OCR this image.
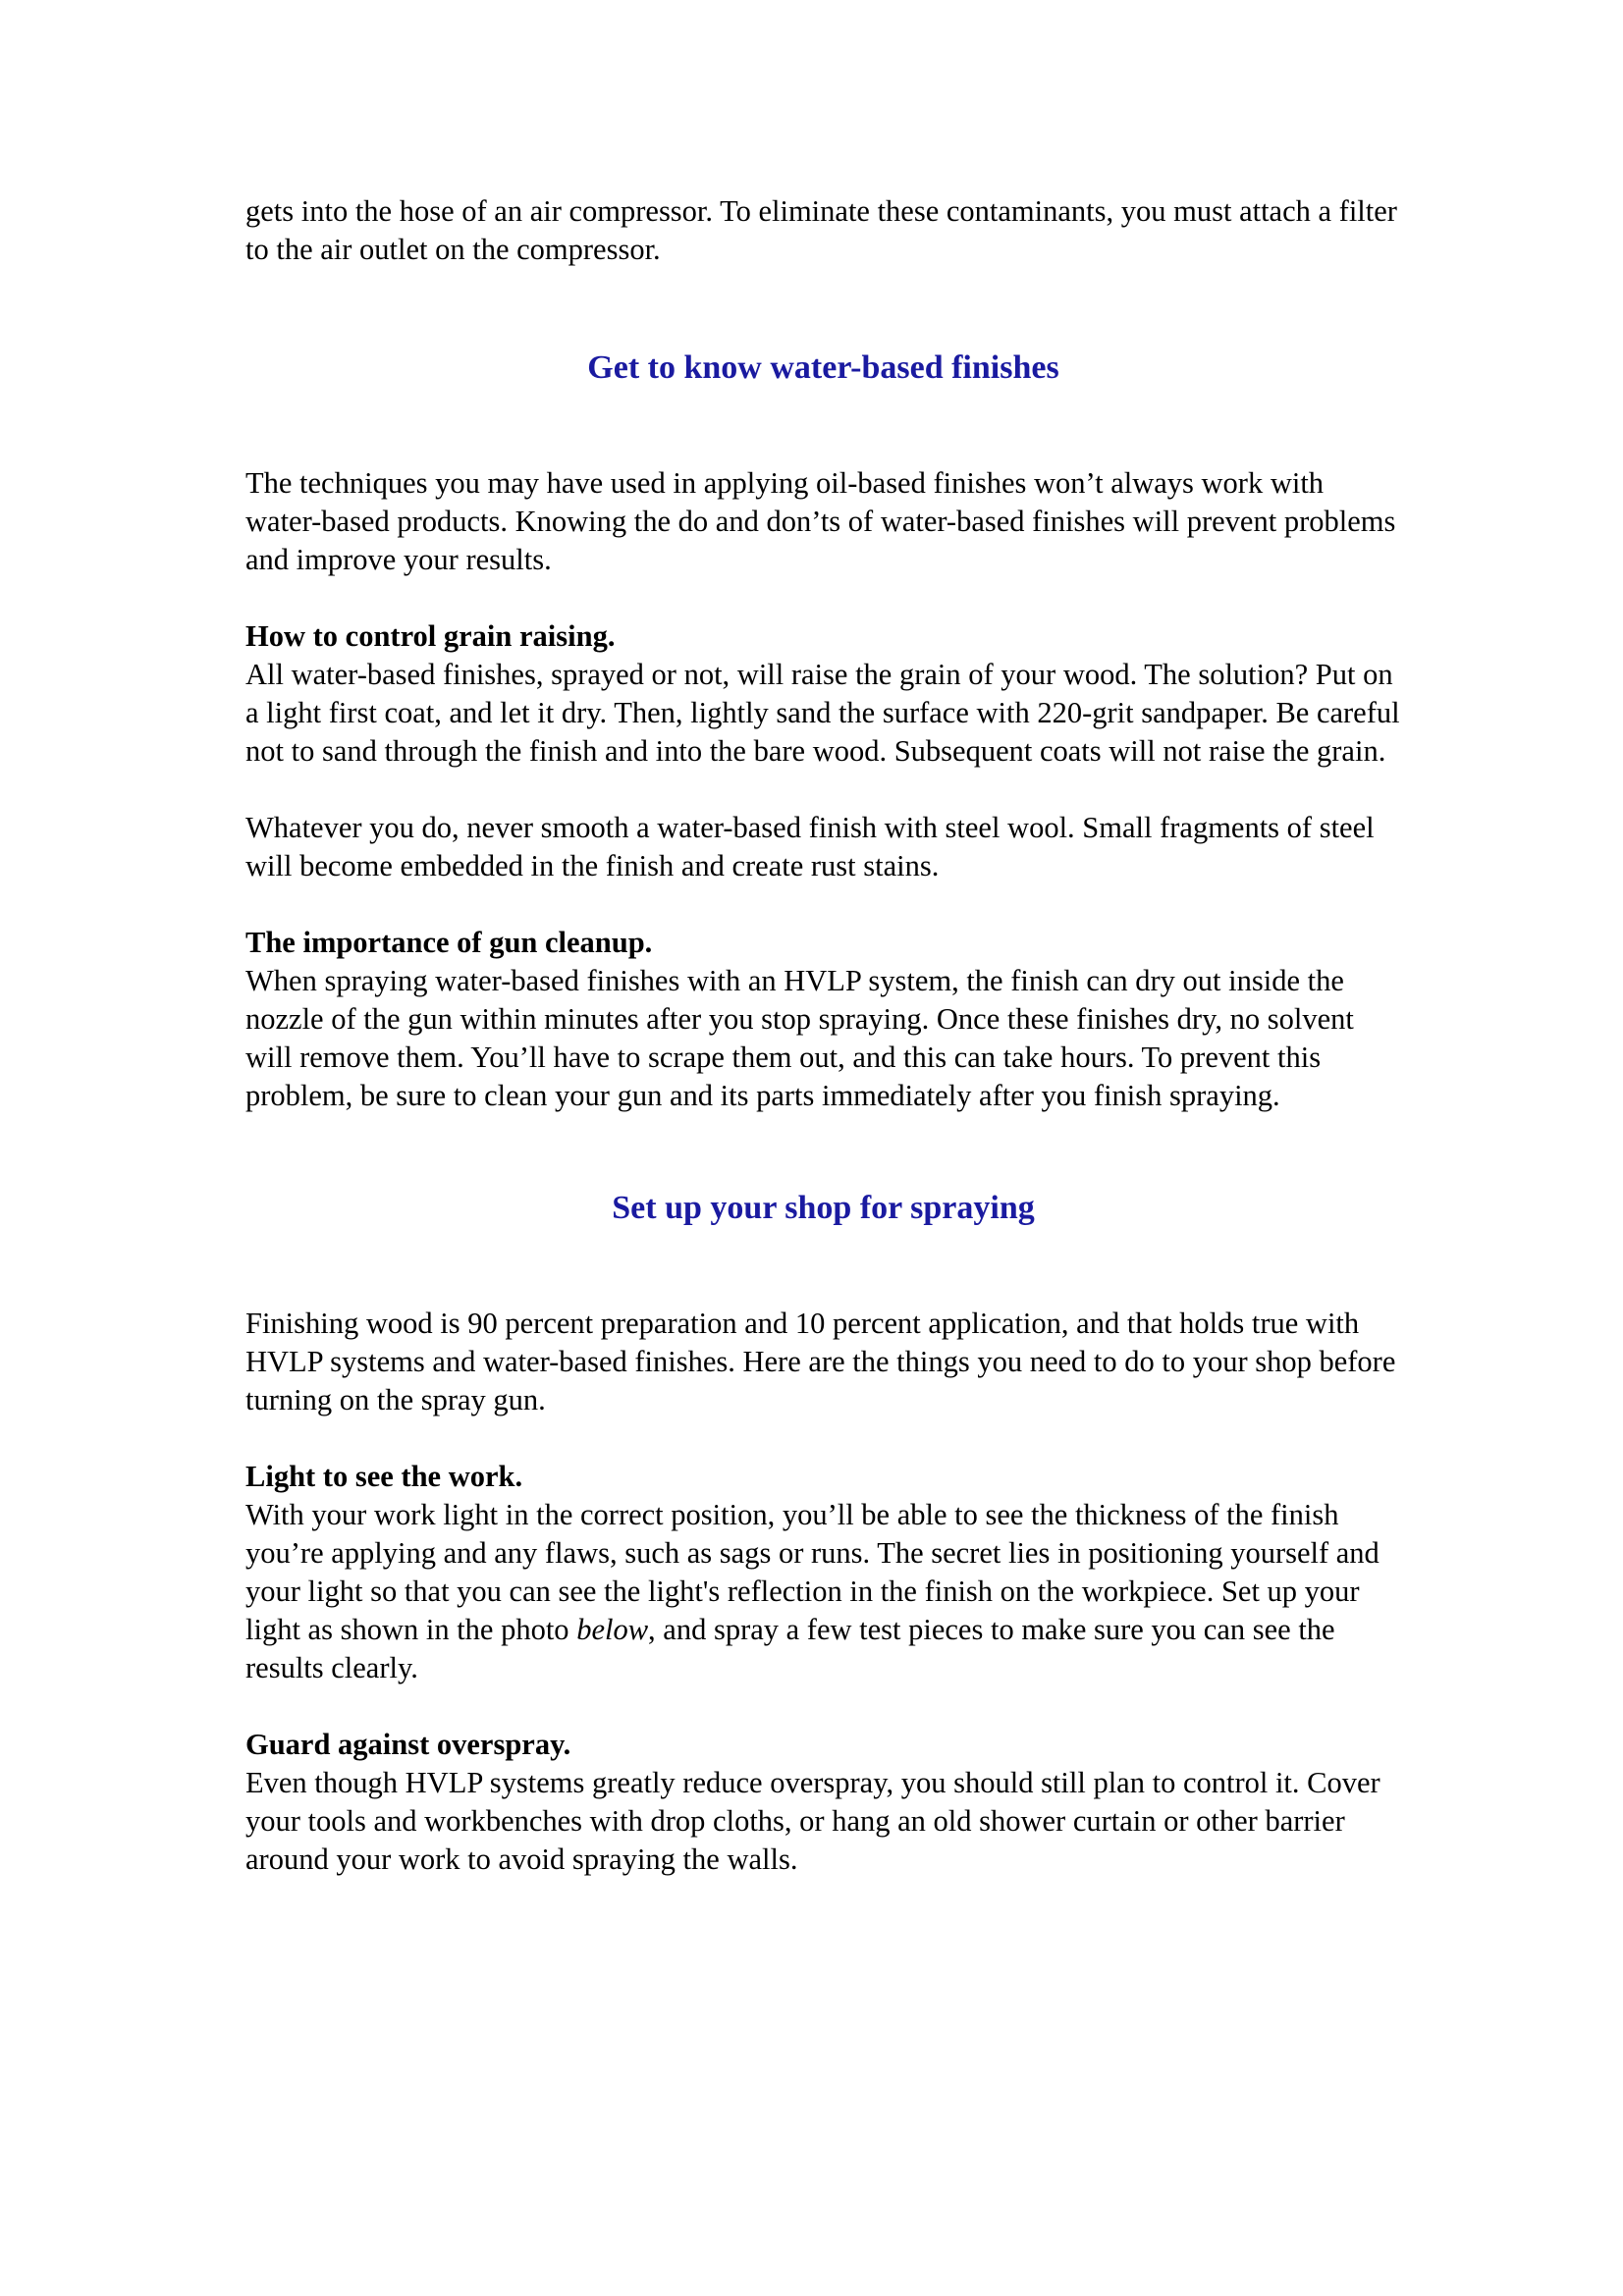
gets into the hose of an air compressor. To eliminate these contaminants, you must attach a filter to the air outlet on the compressor.

Get to know water-based finishes

The techniques you may have used in applying oil-based finishes won’t always work with water-based products. Knowing the do and don’ts of water-based finishes will prevent problems and improve your results.

How to control grain raising.

All water-based finishes, sprayed or not, will raise the grain of your wood. The solution? Put on a light first coat, and let it dry. Then, lightly sand the surface with 220-grit sandpaper. Be careful not to sand through the finish and into the bare wood. Subsequent coats will not raise the grain.

Whatever you do, never smooth a water-based finish with steel wool. Small fragments of steel will become embedded in the finish and create rust stains.

The importance of gun cleanup.

When spraying water-based finishes with an HVLP system, the finish can dry out inside the nozzle of the gun within minutes after you stop spraying. Once these finishes dry, no solvent will remove them. You’ll have to scrape them out, and this can take hours. To prevent this problem, be sure to clean your gun and its parts immediately after you finish spraying.

Set up your shop for spraying

Finishing wood is 90 percent preparation and 10 percent application, and that holds true with HVLP systems and water-based finishes. Here are the things you need to do to your shop before turning on the spray gun.

Light to see the work.

With your work light in the correct position, you’ll be able to see the thickness of the finish you’re applying and any flaws, such as sags or runs. The secret lies in positioning yourself and your light so that you can see the light's reflection in the finish on the workpiece. Set up your light as shown in the photo below, and spray a few test pieces to make sure you can see the results clearly.

Guard against overspray.

Even though HVLP systems greatly reduce overspray, you should still plan to control it. Cover your tools and workbenches with drop cloths, or hang an old shower curtain or other barrier around your work to avoid spraying the walls.
